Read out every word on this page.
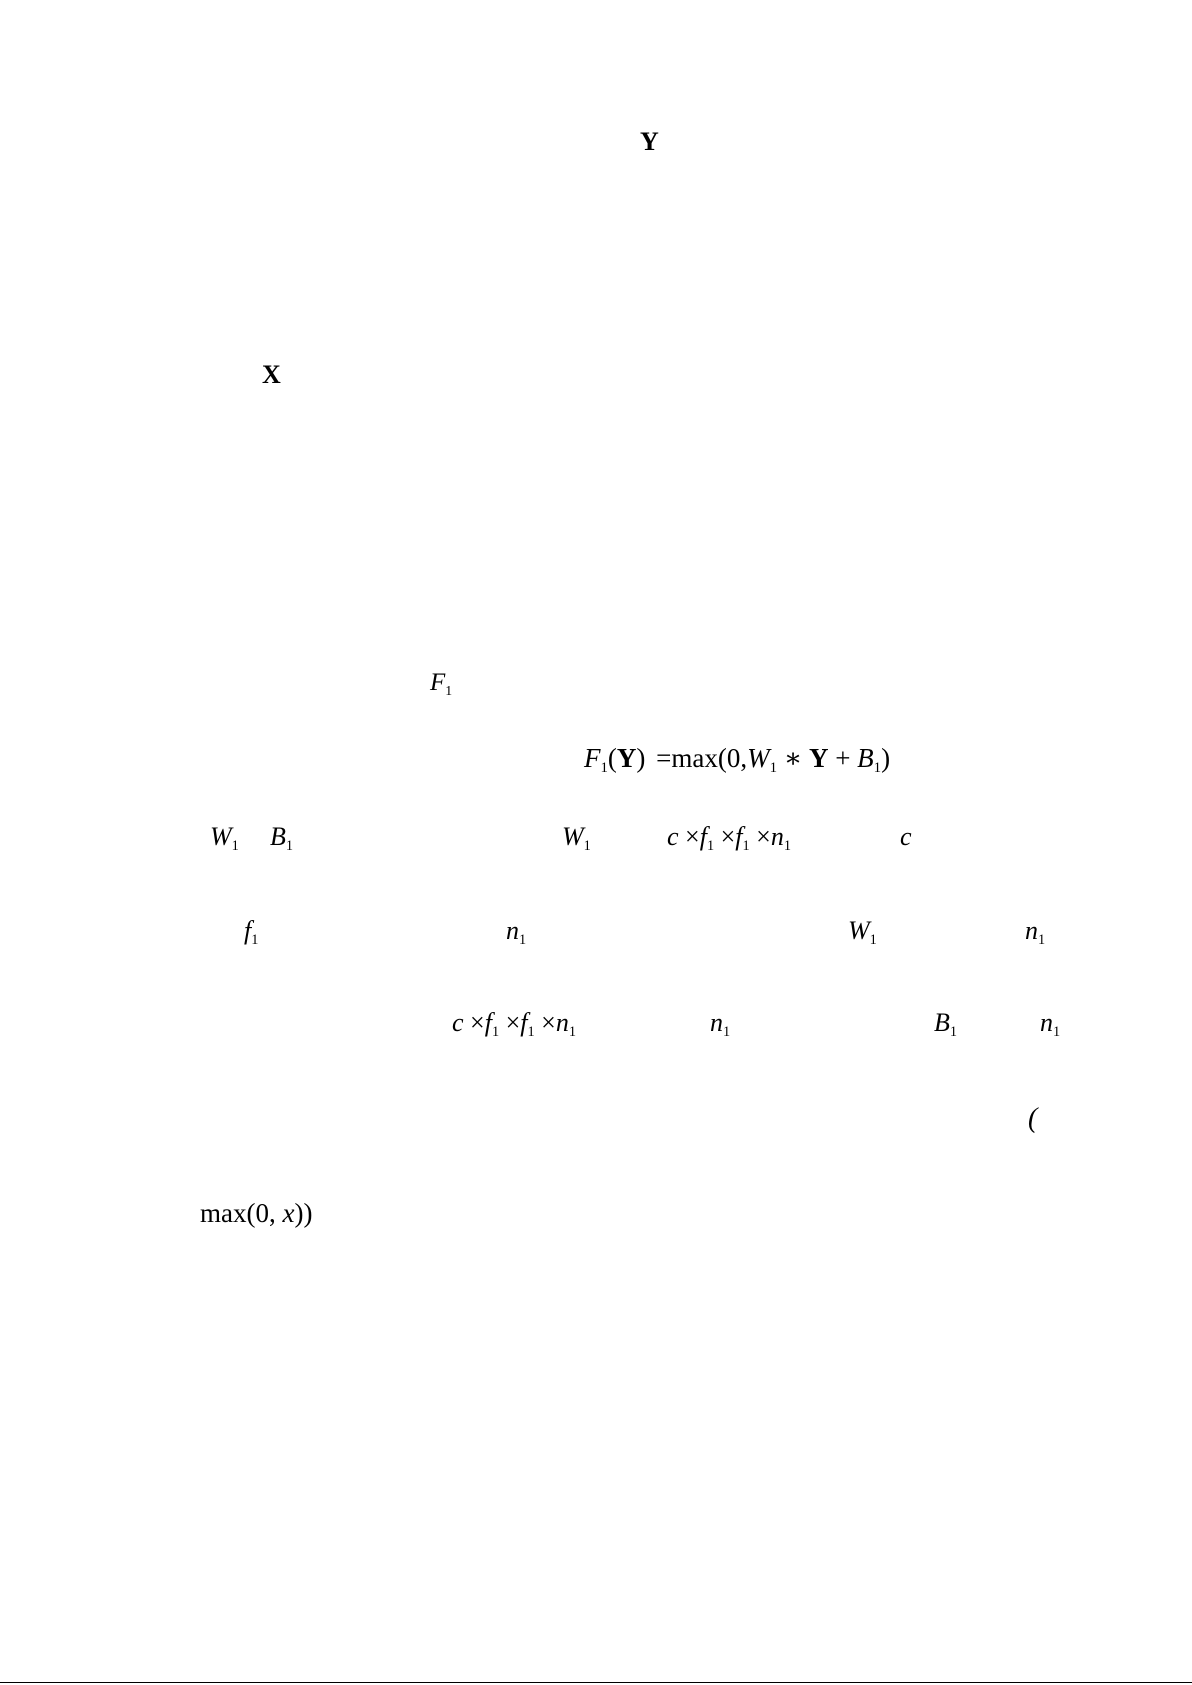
Y
X
$F_1$
$F_1(Y) =\max(0,W_1$ ∗ $Y + B_1$)
$W_1$ $B_1$	$W_1$	$c \times f_1 \times f_1 \times n_1$	c
$f_1$	$n_1$	$W_1$	$n_1$
$c \times f_1 \times f_1 \times n_1$	$n_1$	$B_1$	$n_1$
(
max(0, x))
